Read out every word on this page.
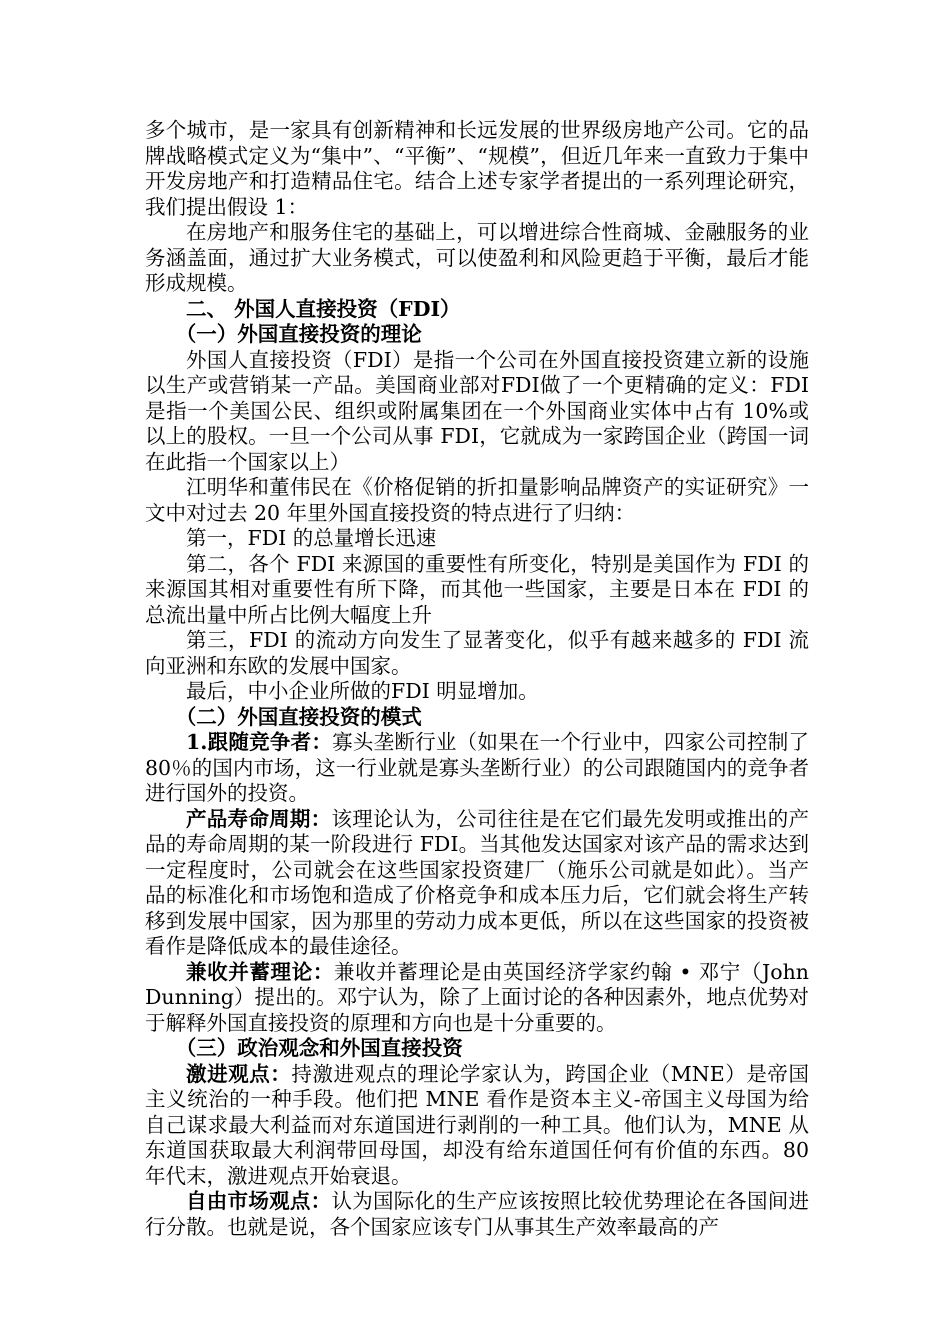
多个城市，是一家具有创新精神和长远发展的世界级房地产公司。它的品牌战略模式定义为“集中”、“平衡”、“规模”，但近几年来一直致力于集中开发房地产和打造精品住宅。结合上述专家学者提出的一系列理论研究，我们提出假设 1：

在房地产和服务住宅的基础上，可以增进综合性商城、金融服务的业务涵盖面，通过扩大业务模式，可以使盈利和风险更趋于平衡，最后才能形成规模。

二、 外国人直接投资（FDI）

（一）外国直接投资的理论

外国人直接投资（FDI）是指一个公司在外国直接投资建立新的设施以生产或营销某一产品。美国商业部对FDI做了一个更精确的定义：FDI是指一个美国公民、组织或附属集团在一个外国商业实体中占有 10%或以上的股权。一旦一个公司从事 FDI，它就成为一家跨国企业（跨国一词在此指一个国家以上）

江明华和董伟民在《价格促销的折扣量影响品牌资产的实证研究》一文中对过去 20 年里外国直接投资的特点进行了归纳：

第一，FDI 的总量增长迅速

第二，各个 FDI 来源国的重要性有所变化，特别是美国作为 FDI 的来源国其相对重要性有所下降，而其他一些国家，主要是日本在 FDI 的总流出量中所占比例大幅度上升

第三，FDI 的流动方向发生了显著变化，似乎有越来越多的 FDI 流向亚洲和东欧的发展中国家。

最后，中小企业所做的FDI 明显增加。

（二）外国直接投资的模式

1.跟随竞争者：寡头垄断行业（如果在一个行业中，四家公司控制了 80％的国内市场，这一行业就是寡头垄断行业）的公司跟随国内的竞争者进行国外的投资。

产品寿命周期：该理论认为，公司往往是在它们最先发明或推出的产品的寿命周期的某一阶段进行 FDI。当其他发达国家对该产品的需求达到一定程度时，公司就会在这些国家投资建厂（施乐公司就是如此）。当产品的标准化和市场饱和造成了价格竞争和成本压力后，它们就会将生产转移到发展中国家，因为那里的劳动力成本更低，所以在这些国家的投资被看作是降低成本的最佳途径。

兼收并蓄理论：兼收并蓄理论是由英国经济学家约翰 • 邓宁（John Dunning）提出的。邓宁认为，除了上面讨论的各种因素外，地点优势对于解释外国直接投资的原理和方向也是十分重要的。

（三）政治观念和外国直接投资

激进观点：持激进观点的理论学家认为，跨国企业（MNE）是帝国主义统治的一种手段。他们把 MNE 看作是资本主义-帝国主义母国为给自己谋求最大利益而对东道国进行剥削的一种工具。他们认为，MNE 从东道国获取最大利润带回母国，却没有给东道国任何有价值的东西。80 年代末，激进观点开始衰退。

自由市场观点：认为国际化的生产应该按照比较优势理论在各国间进行分散。也就是说，各个国家应该专门从事其生产效率最高的产
